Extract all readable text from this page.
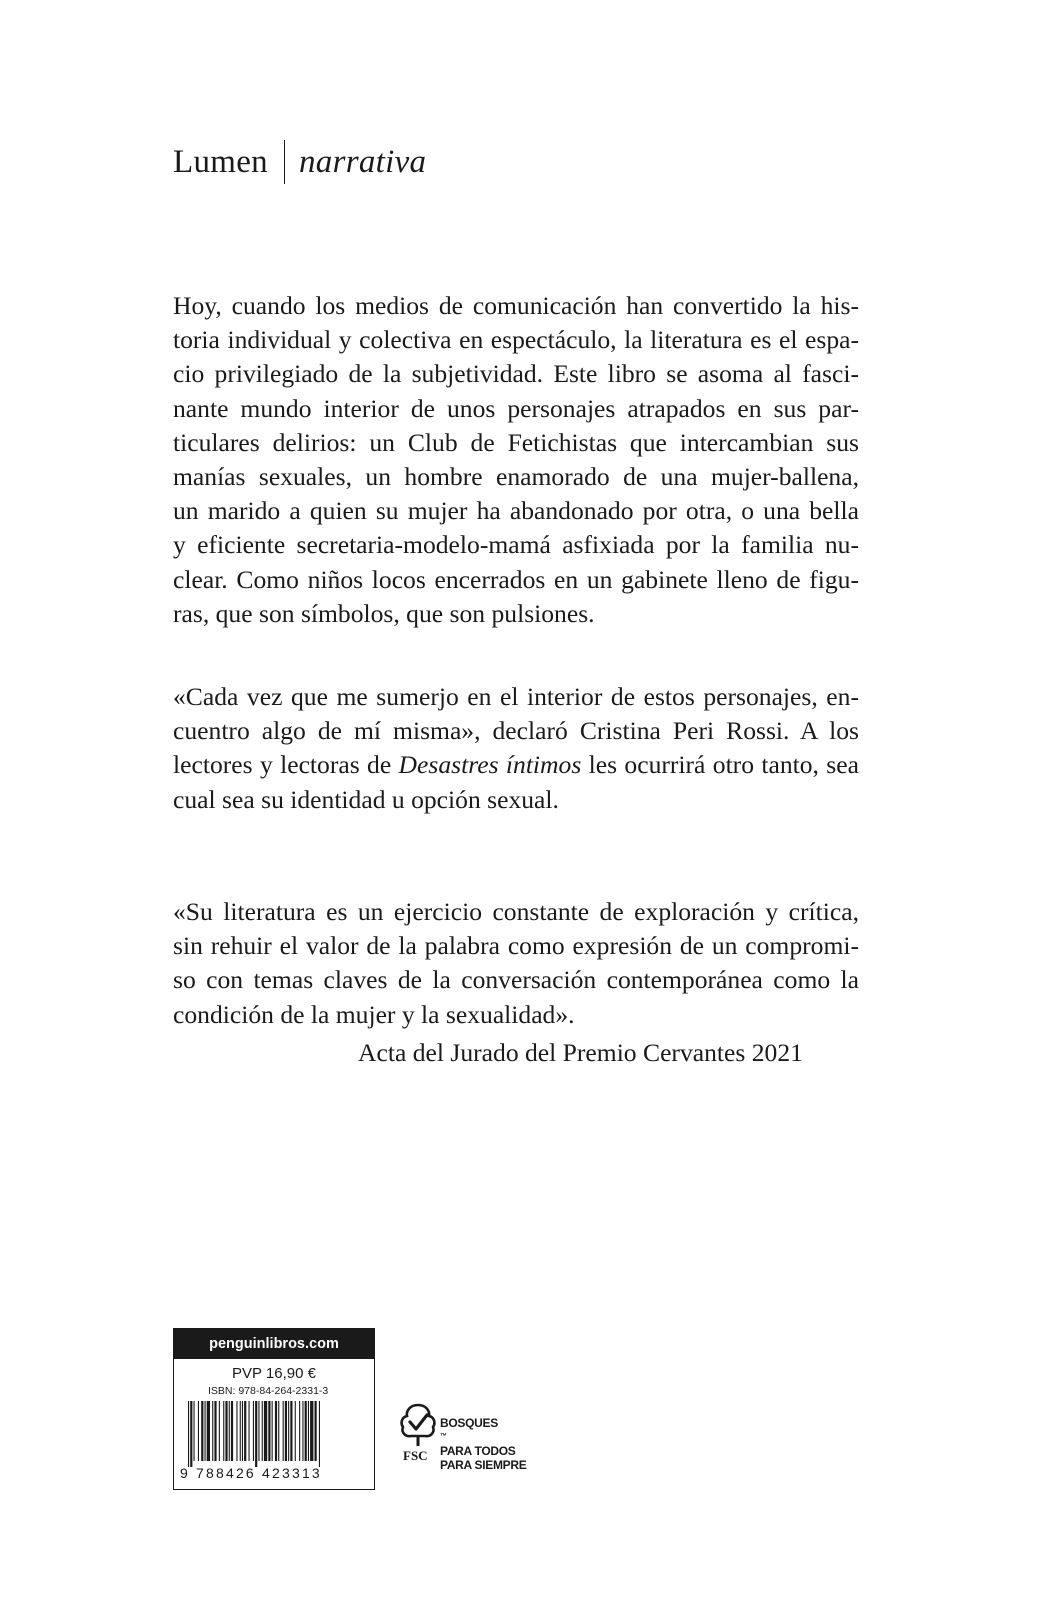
Lumen narrativa
Hoy, cuando los medios de comunicación han convertido la his-
toria individual y colectiva en espectáculo, la literatura es el espa-
cio privilegiado de la subjetividad. Este libro se asoma al fasci-
nante mundo interior de unos personajes atrapados en sus par-
ticulares delirios: un Club de Fetichistas que intercambian sus
manías sexuales, un hombre enamorado de una mujer-ballena,
un marido a quien su mujer ha abandonado por otra, o una bella
y eficiente secretaria-modelo-mamá asfixiada por la familia nu-
clear. Como niños locos encerrados en un gabinete lleno de figu-
ras, que son símbolos, que son pulsiones.
«Cada vez que me sumerjo en el interior de estos personajes, en-
cuentro algo de mí misma», declaró Cristina Peri Rossi. A los
lectores y lectoras de Desastres íntimos les ocurrirá otro tanto, sea
cual sea su identidad u opción sexual.
«Su literatura es un ejercicio constante de exploración y crítica,
sin rehuir el valor de la palabra como expresión de un compromi-
so con temas claves de la conversación contemporánea como la
condición de la mujer y la sexualidad».
Acta del Jurado del Premio Cervantes 2021
penguinlibros.com
PVP 16,90 €
ISBN: 978-84-264-2331-3
9 788426 423313
FSC
BOSQUES
™
PARA TODOS
PARA SIEMPRE
